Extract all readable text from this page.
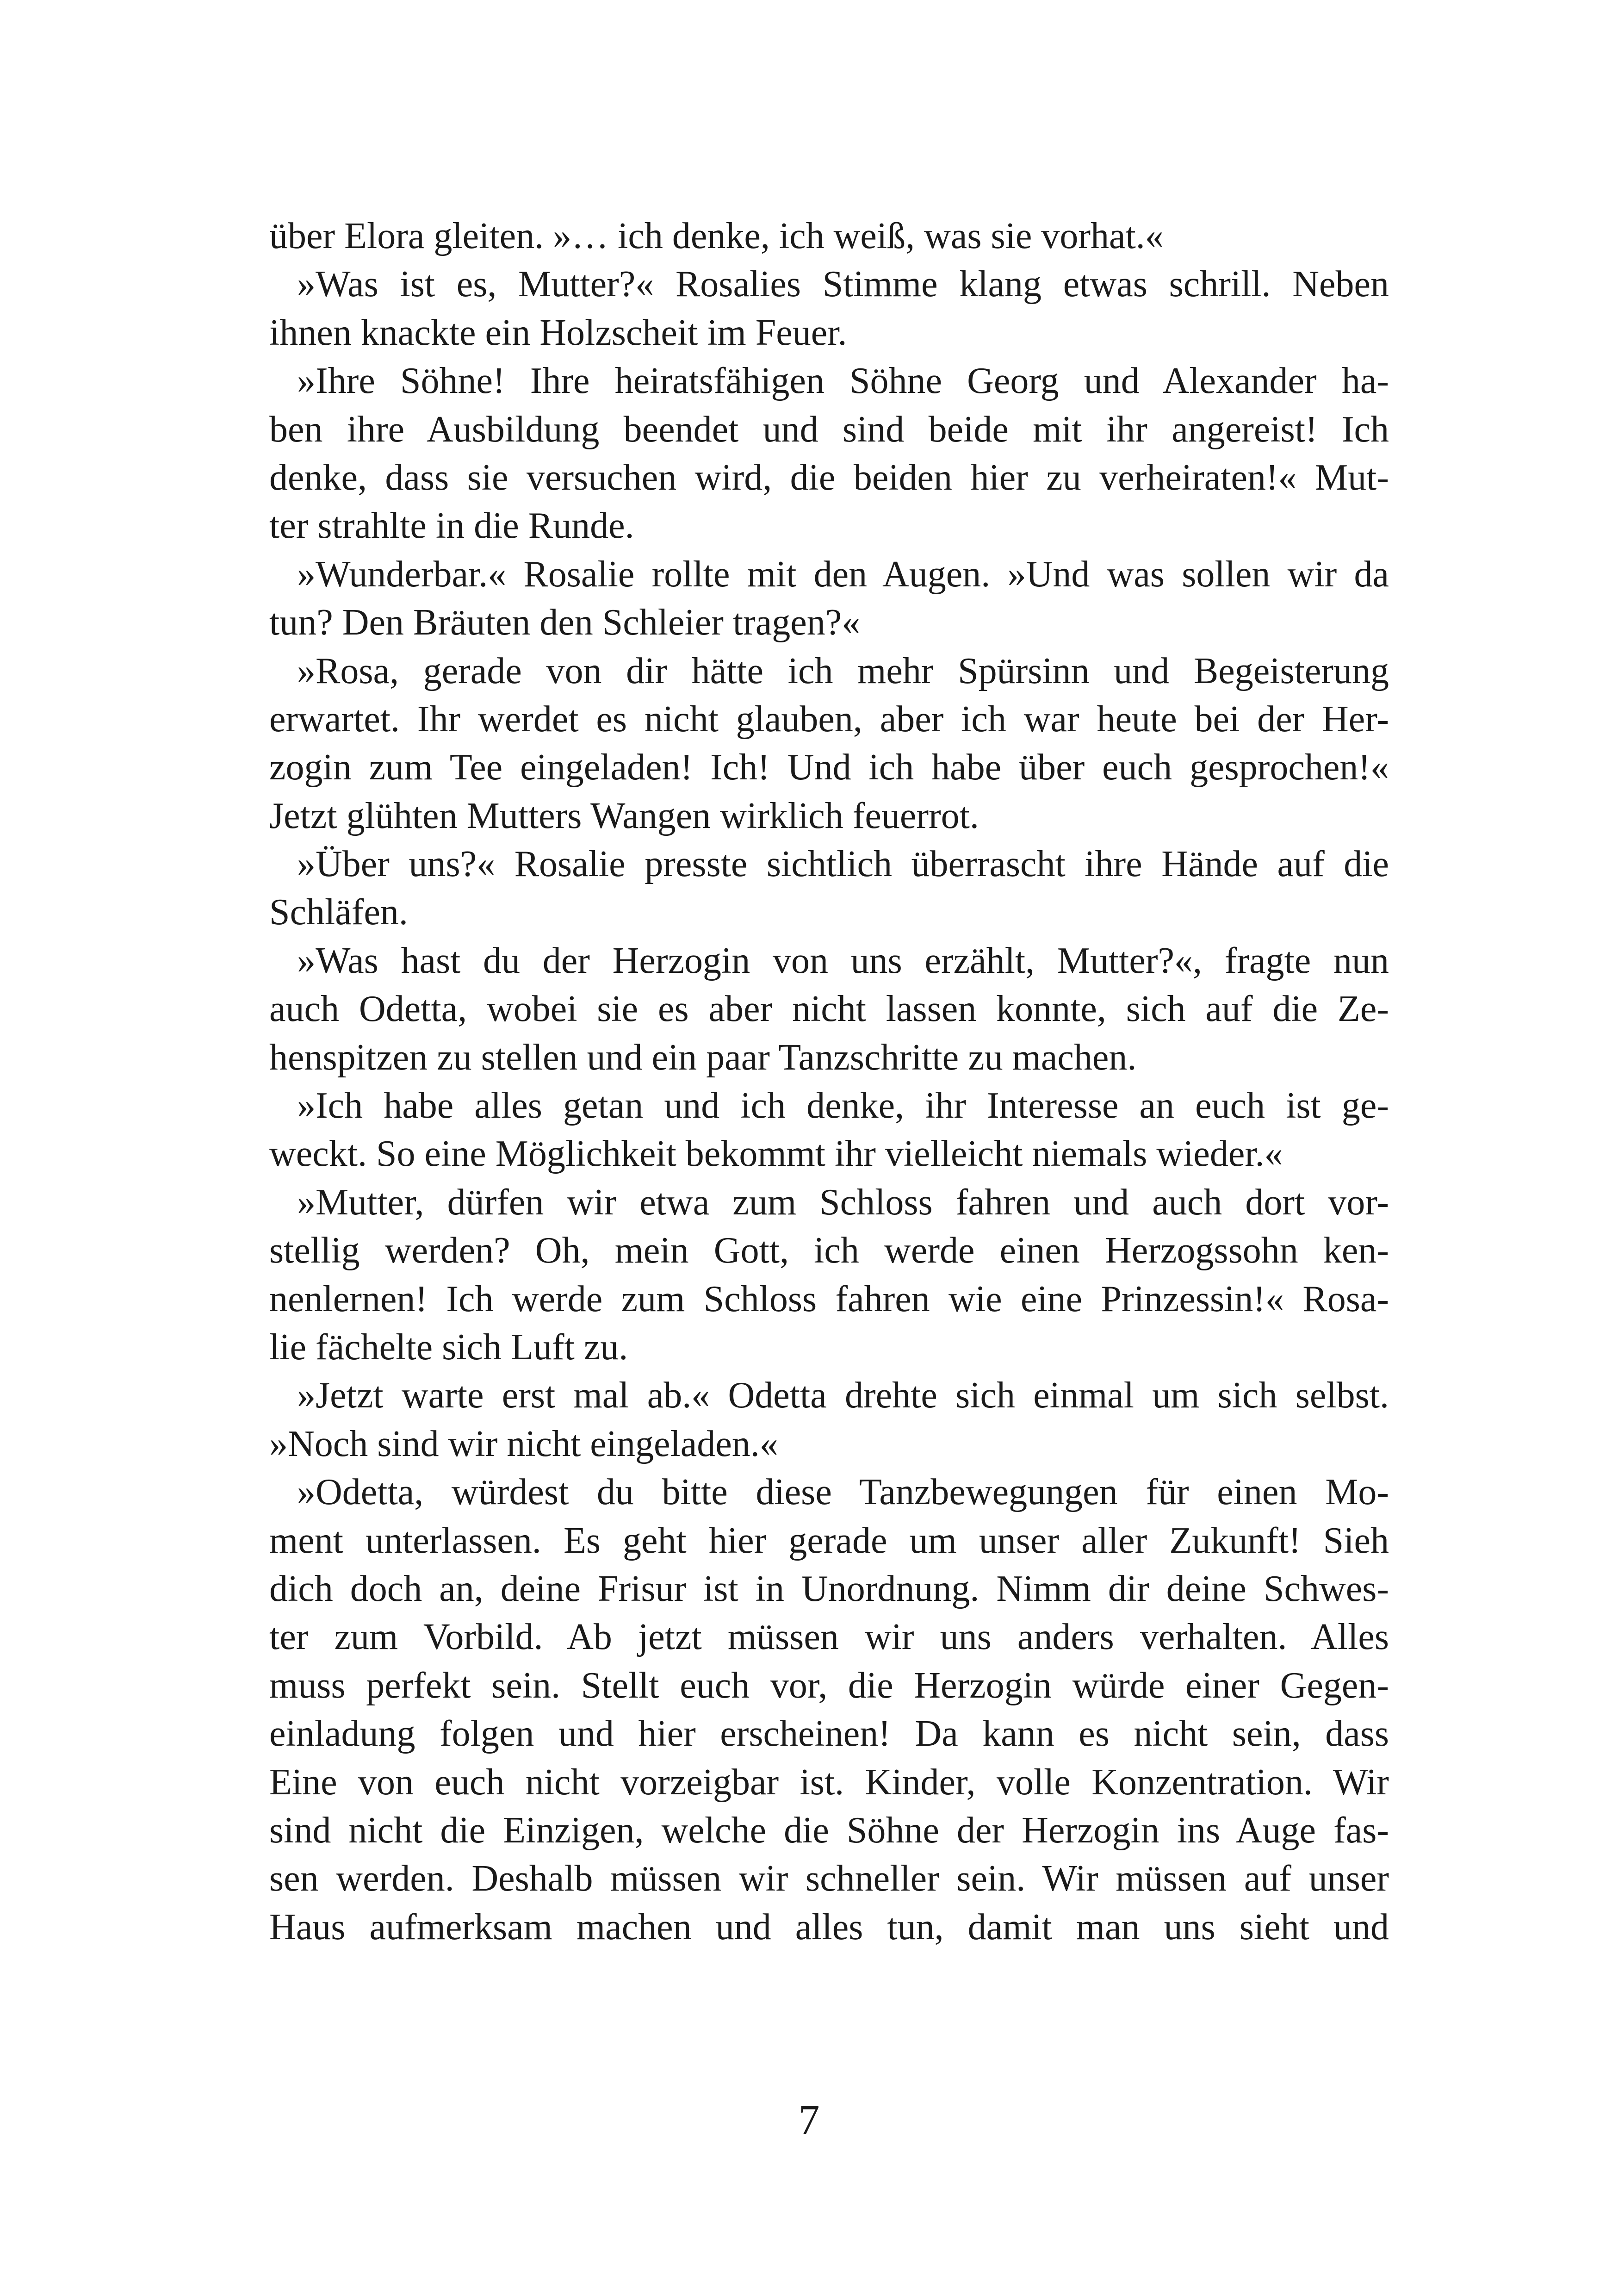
über Elora gleiten. »… ich denke, ich weiß, was sie vorhat.«
»Was ist es, Mutter?« Rosalies Stimme klang etwas schrill. Neben
ihnen knackte ein Holzscheit im Feuer.
»Ihre Söhne! Ihre heiratsfähigen Söhne Georg und Alexander ha-
ben ihre Ausbildung beendet und sind beide mit ihr angereist! Ich
denke, dass sie versuchen wird, die beiden hier zu verheiraten!« Mut-
ter strahlte in die Runde.
»Wunderbar.« Rosalie rollte mit den Augen. »Und was sollen wir da
tun? Den Bräuten den Schleier tragen?«
»Rosa, gerade von dir hätte ich mehr Spürsinn und Begeisterung
erwartet. Ihr werdet es nicht glauben, aber ich war heute bei der Her-
zogin zum Tee eingeladen! Ich! Und ich habe über euch gesprochen!«
Jetzt glühten Mutters Wangen wirklich feuerrot.
»Über uns?« Rosalie presste sichtlich überrascht ihre Hände auf die
Schläfen.
»Was hast du der Herzogin von uns erzählt, Mutter?«, fragte nun
auch Odetta, wobei sie es aber nicht lassen konnte, sich auf die Ze-
henspitzen zu stellen und ein paar Tanzschritte zu machen.
»Ich habe alles getan und ich denke, ihr Interesse an euch ist ge-
weckt. So eine Möglichkeit bekommt ihr vielleicht niemals wieder.«
»Mutter, dürfen wir etwa zum Schloss fahren und auch dort vor-
stellig werden? Oh, mein Gott, ich werde einen Herzogssohn ken-
nenlernen! Ich werde zum Schloss fahren wie eine Prinzessin!« Rosa-
lie fächelte sich Luft zu.
»Jetzt warte erst mal ab.« Odetta drehte sich einmal um sich selbst.
»Noch sind wir nicht eingeladen.«
»Odetta, würdest du bitte diese Tanzbewegungen für einen Mo-
ment unterlassen. Es geht hier gerade um unser aller Zukunft! Sieh
dich doch an, deine Frisur ist in Unordnung. Nimm dir deine Schwes-
ter zum Vorbild. Ab jetzt müssen wir uns anders verhalten. Alles
muss perfekt sein. Stellt euch vor, die Herzogin würde einer Gegen-
einladung folgen und hier erscheinen! Da kann es nicht sein, dass
Eine von euch nicht vorzeigbar ist. Kinder, volle Konzentration. Wir
sind nicht die Einzigen, welche die Söhne der Herzogin ins Auge fas-
sen werden. Deshalb müssen wir schneller sein. Wir müssen auf unser
Haus aufmerksam machen und alles tun, damit man uns sieht und
7
